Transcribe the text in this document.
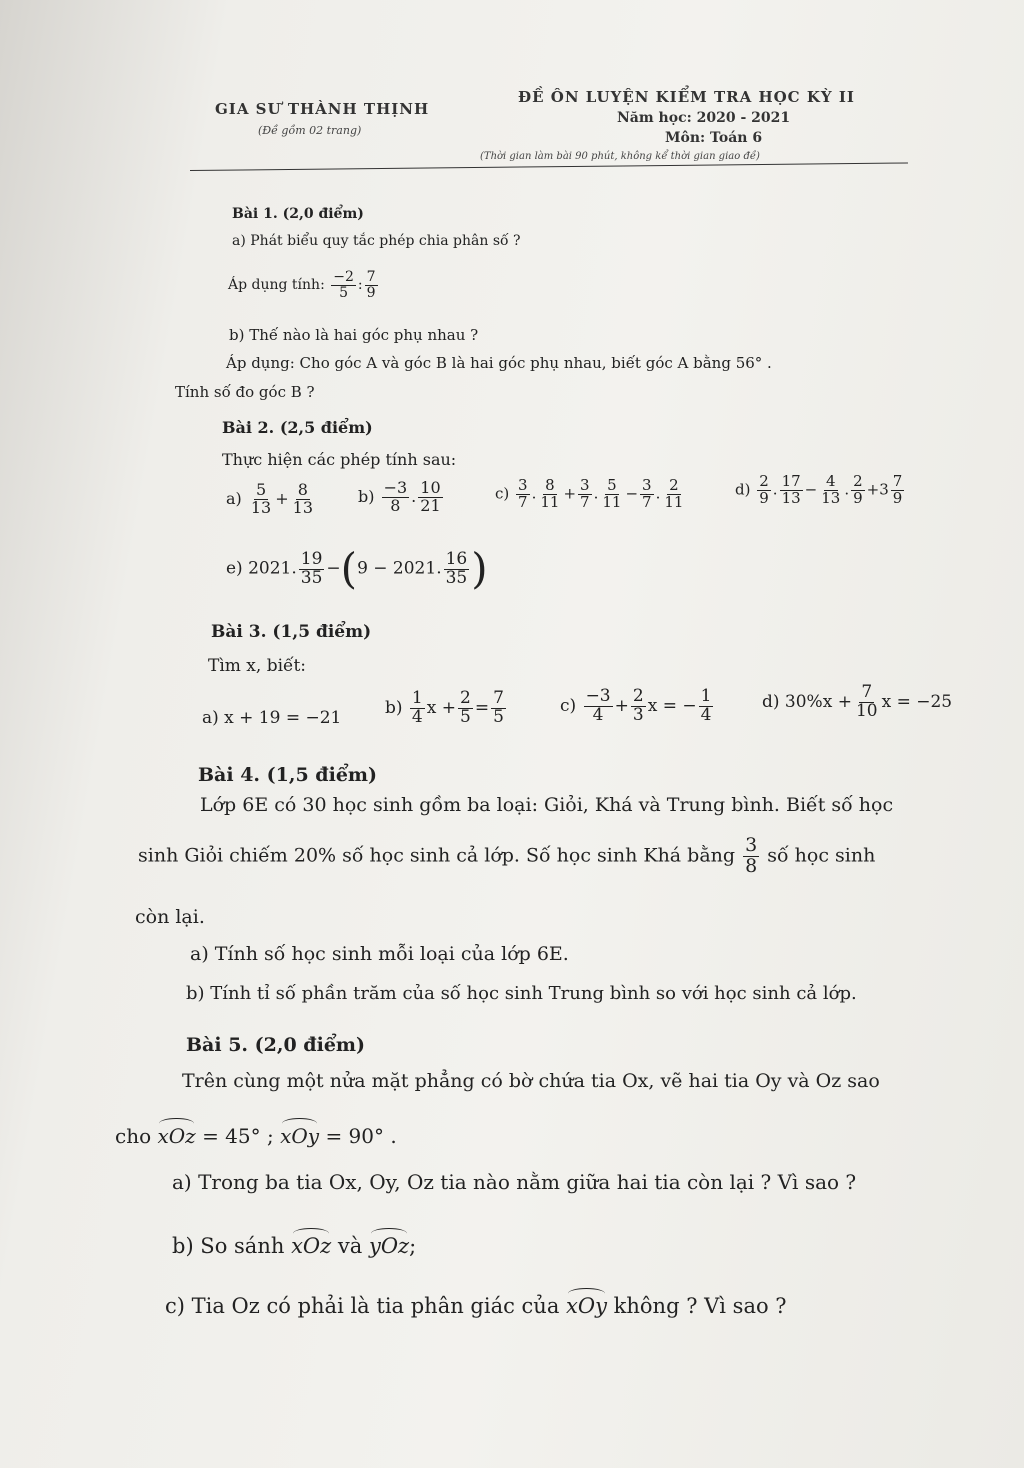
GIA SƯ THÀNH THỊNH
(Đề gồm 02 trang)
ĐỀ ÔN LUYỆN KIỂM TRA HỌC KỲ II
Năm học: 2020 - 2021
Môn: Toán 6
(Thời gian làm bài 90 phút, không kể thời gian giao đề)
Bài 1. (2,0 điểm)
a) Phát biểu quy tắc phép chia phân số ?
Áp dụng tính: $\frac{-2}{5}$ : $\frac{7}{9}$
b) Thế nào là hai góc phụ nhau ?
Áp dụng: Cho góc A và góc B là hai góc phụ nhau, biết góc A bằng 56° .
Tính số đo góc B ?
Bài 2. (2,5 điểm)
Thực hiện các phép tính sau:
$a) \frac{5}{13} + \frac{8}{13}$	$b) \frac{-3}{8}$ . $\frac{10}{21}$	$c) \frac{3}{7}$ . $\frac{8}{11} + \frac{3}{7}$ . $\frac{5}{11} - \frac{3}{7}$ . $\frac{2}{11}$	$d) \frac{2}{9}$ . $\frac{17}{13} - \frac{4}{13}$ . $\frac{2}{9} +3 \frac{7}{9}$
e) 2021. $\frac{19}{35} -(9 - 2021$. $\frac{16}{35}$ )
Bài 3. (1,5 điểm)
Tìm x, biết:
a) x + 19 = −21
$b) \frac{1}{4}$ $x + \frac{2}{5} = \frac{7}{5}$	$c) \frac{-3}{4} + \frac{2}{3}$ x = − $\frac{1}{4}$	d) $30\%x + \frac{7}{10}$ x = −25
Bài 4. (1,5 điểm)
Lớp 6E có 30 học sinh gồm ba loại: Giỏi, Khá và Trung bình. Biết số học
sinh Giỏi chiếm 20% số học sinh cả lớp. Số học sinh Khá bằng $\frac{3}{8}$ số học sinh
còn lại.
a) Tính số học sinh mỗi loại của lớp 6E.
b) Tính tỉ số phần trăm của số học sinh Trung bình so với học sinh cả lớp.
Bài 5. (2,0 điểm)
Trên cùng một nửa mặt phẳng có bờ chứa tia Ox, vẽ hai tia Oy và Oz sao
cho xOz = 45° ; xOy = 90° .
a) Trong ba tia Ox, Oy, Oz tia nào nằm giữa hai tia còn lại ? Vì sao ?
b) So sánh xOz và yOz;
c) Tia Oz có phải là tia phân giác của xOy không ? Vì sao ?
